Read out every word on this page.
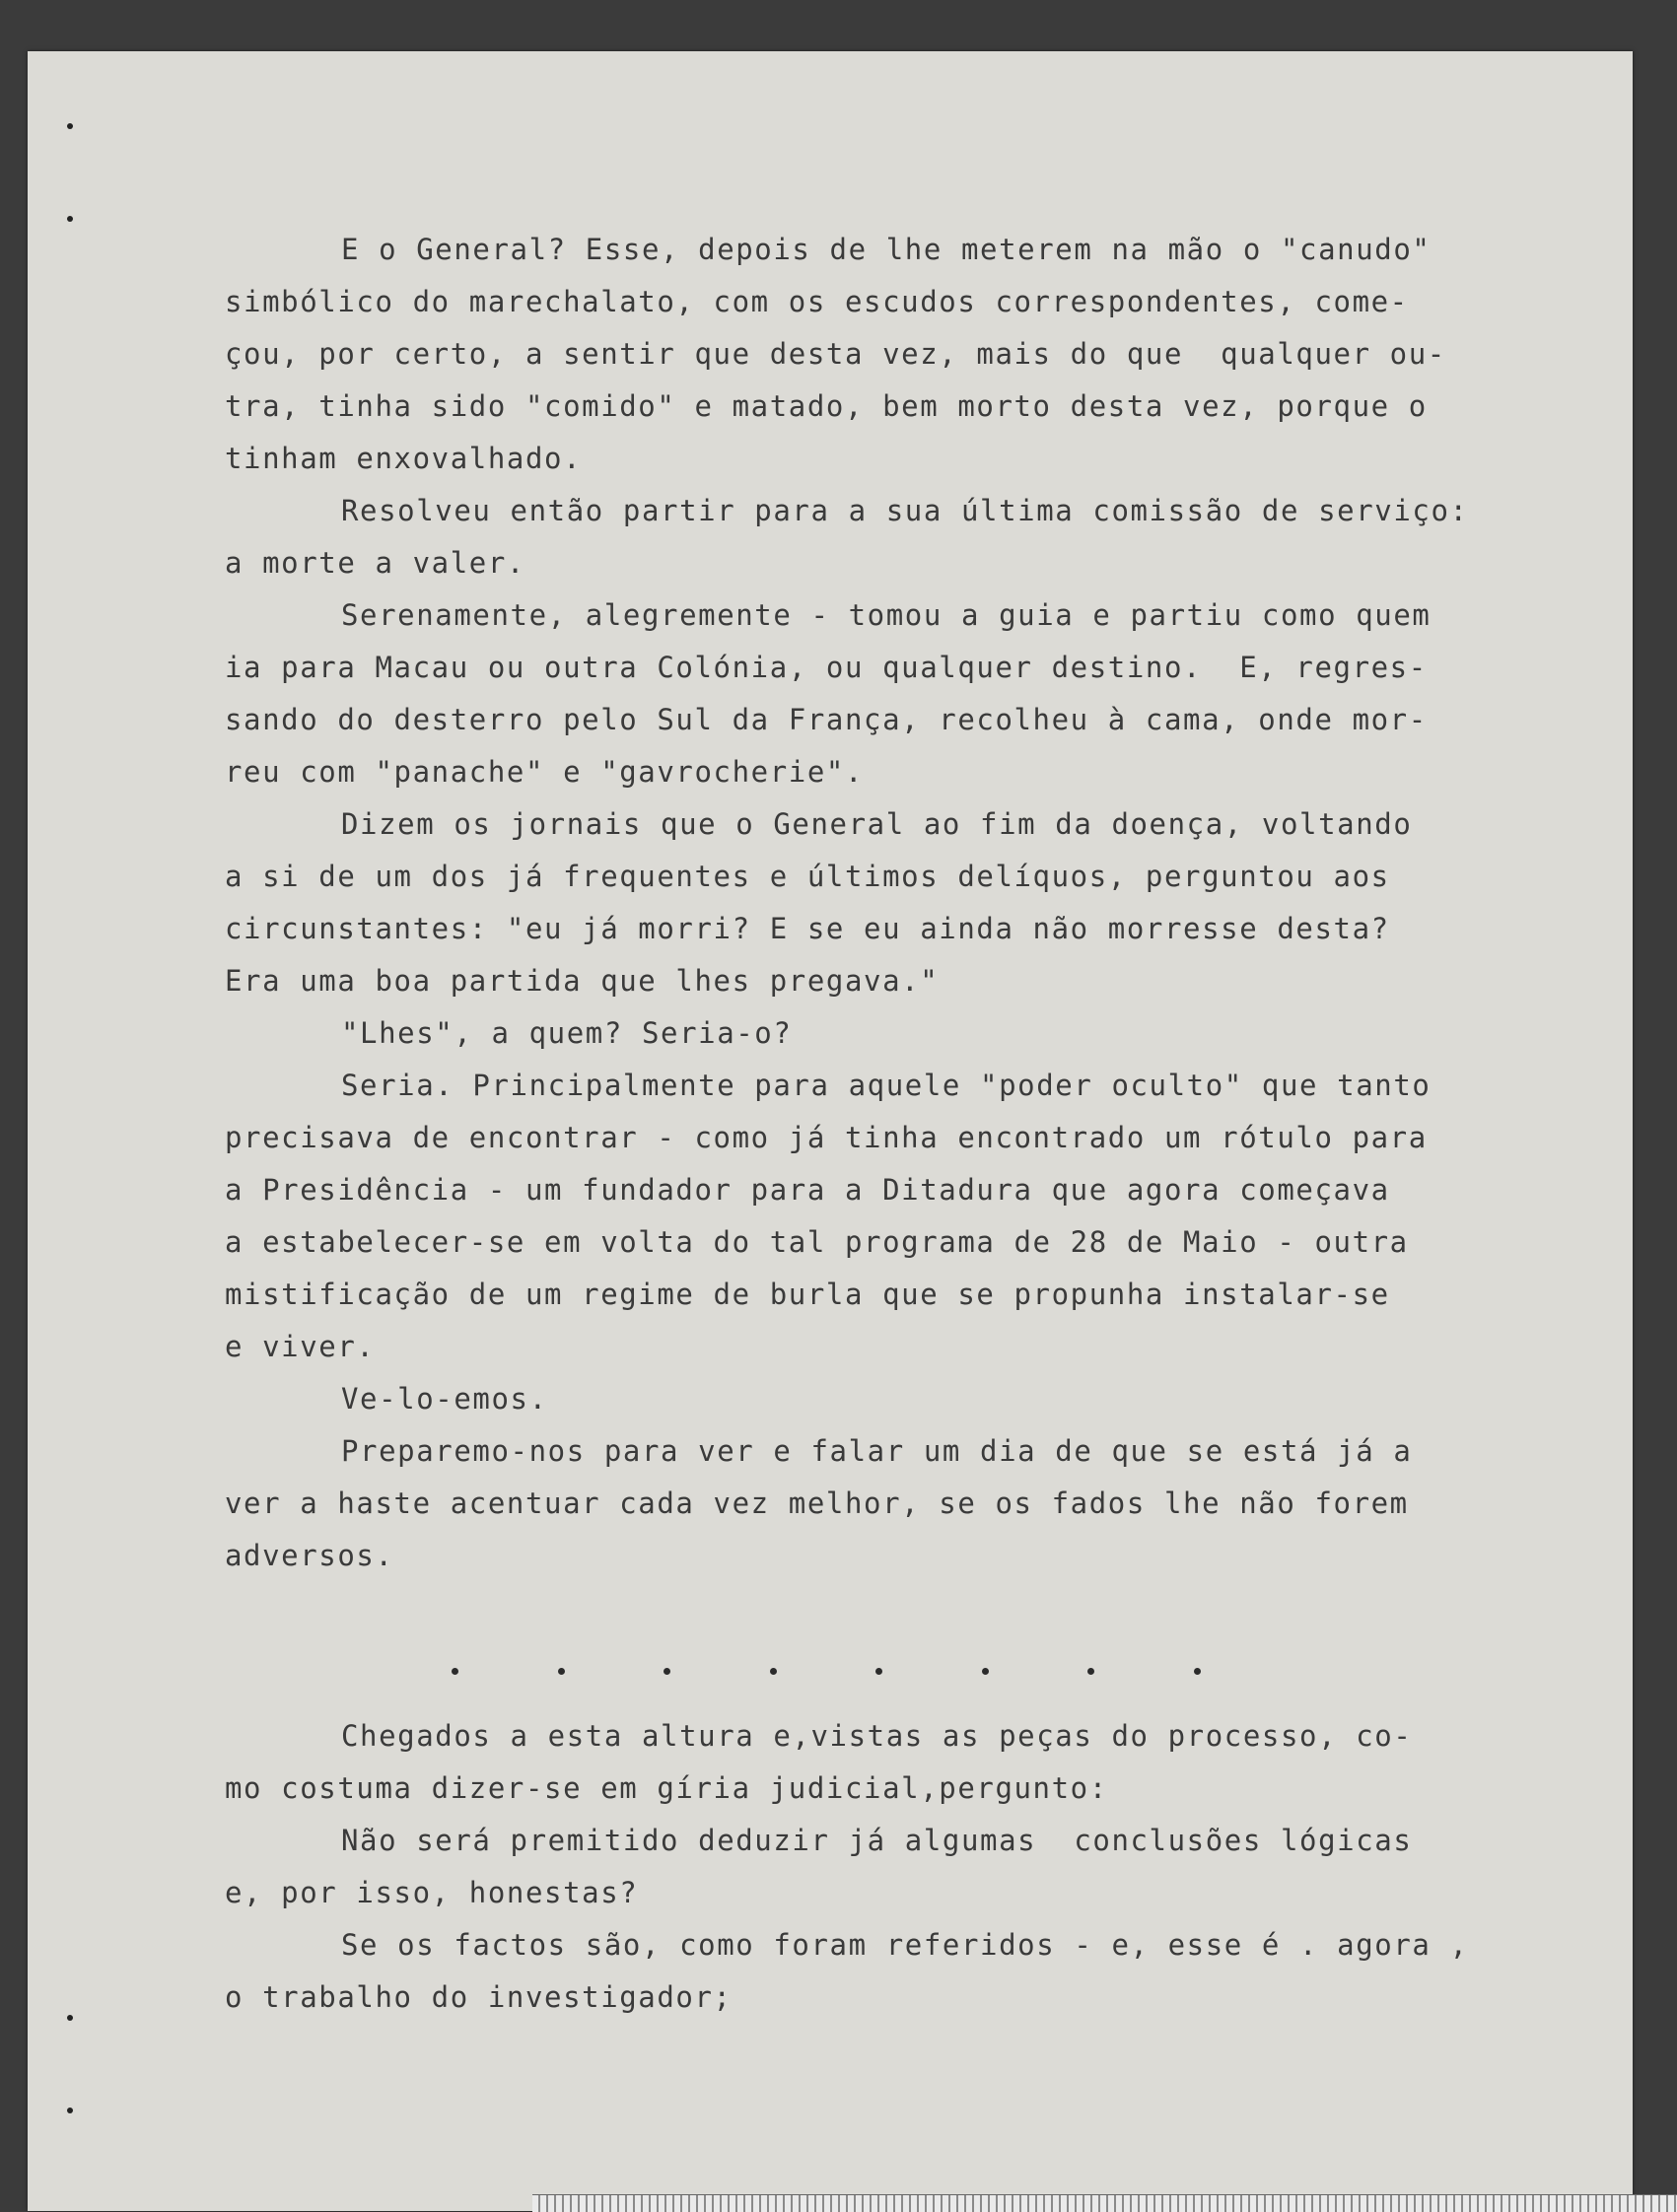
E o General? Esse, depois de lhe meterem na mão o "canudo"
simbólico do marechalato, com os escudos correspondentes, come-
çou, por certo, a sentir que desta vez, mais do que  qualquer ou-
tra, tinha sido "comido" e matado, bem morto desta vez, porque o
tinham enxovalhado.
Resolveu então partir para a sua última comissão de serviço:
a morte a valer.
Serenamente, alegremente - tomou a guia e partiu como quem
ia para Macau ou outra Colónia, ou qualquer destino.  E, regres-
sando do desterro pelo Sul da França, recolheu à cama, onde mor-
reu com "panache" e "gavrocherie".
Dizem os jornais que o General ao fim da doença, voltando
a si de um dos já frequentes e últimos delíquos, perguntou aos
circunstantes: "eu já morri? E se eu ainda não morresse desta?
Era uma boa partida que lhes pregava."
"Lhes", a quem? Seria-o?
Seria. Principalmente para aquele "poder oculto" que tanto
precisava de encontrar - como já tinha encontrado um rótulo para
a Presidência - um fundador para a Ditadura que agora começava
a estabelecer-se em volta do tal programa de 28 de Maio - outra
mistificação de um regime de burla que se propunha instalar-se
e viver.
Ve-lo-emos.
Preparemo-nos para ver e falar um dia de que se está já a
ver a haste acentuar cada vez melhor, se os fados lhe não forem
adversos.
Chegados a esta altura e,vistas as peças do processo, co-
mo costuma dizer-se em gíria judicial,pergunto:
Não será premitido deduzir já algumas  conclusões lógicas
e, por isso, honestas?
Se os factos são, como foram referidos - e, esse é . agora ,
o trabalho do investigador;
